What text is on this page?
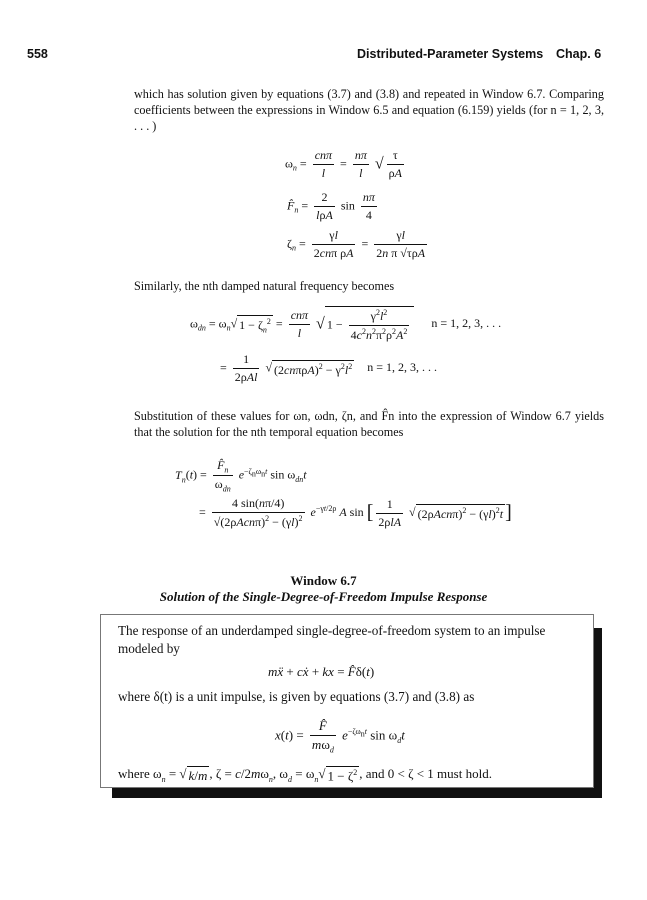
558	Distributed-Parameter Systems Chap. 6
which has solution given by equations (3.7) and (3.8) and repeated in Window 6.7. Comparing coefficients between the expressions in Window 6.5 and equation (6.159) yields (for n = 1, 2, 3, . . . )
$\omega_n = \frac{\text{cnπ}}{l} = \frac{n\pi}{l}$ √ $\frac{\tau}{\rho A}$
$F̂_n = \frac{2}{\text{lρA}}$ $\sin \frac{n\pi}{4}$
$\zeta_n = \frac{\gamma l}{\text{2cnπ ρA}} = \frac{\gamma l}{\text{2n π √τρA}}$
Similarly, the nth damped natural frequency becomes
$\omega_{dn} = \omega_n√$ $1 - \zeta_n^2 = \frac{\text{cnπ}}{l}$ √ $1 - \frac{\gamma^2l^2}{4c^2n^2\pi^2\rho^2A^2}$ n = 1, 2, 3, . . .
= $\frac{1}{\text{2ρAl}}$ √ $(2cn\pi\rho A)^2 - \gamma^2l^2$ n = 1, 2, 3, . . .
Substitution of these values for ωn, ωdn, ζn, and F̂n into the expression of Window 6.7 yields that the solution for the nth temporal equation becomes
$T_n(t) = \frac{F̂_n}{\omega_{dn}} e^{-\zeta_n\omega_nt}$ $\sin \omega_{dn}t$
= $\frac{4 \sin(n\pi/4)}{√(2\rho Acn\pi)^2 - (\gamma l)^2} e^{-\gamma t/2\rho}$ A sin [ $\frac{1}{\text{2ρlA}}$ √ $(2\rho Acn\pi)^2 - (\gamma l)^2t$ ]
Window 6.7
Solution of the Single-Degree-of-Freedom Impulse Response
The response of an underdamped single-degree-of-freedom system to an impulse modeled by
mẍ + cẋ + kx = F̂δ(t)
where δ(t) is a unit impulse, is given by equations (3.7) and (3.8) as
$x(t) = \frac{F̂}{m\omega_d} e^{-\zeta\omega_nt}$ $\sin \omega_dt$
where $\omega_n$ = √ k/m , $\zeta = c/2m\omega_n$, $\omega_d = \omega_n√$ $1 - \zeta^2$ , and 0 < ζ < 1 must hold.
